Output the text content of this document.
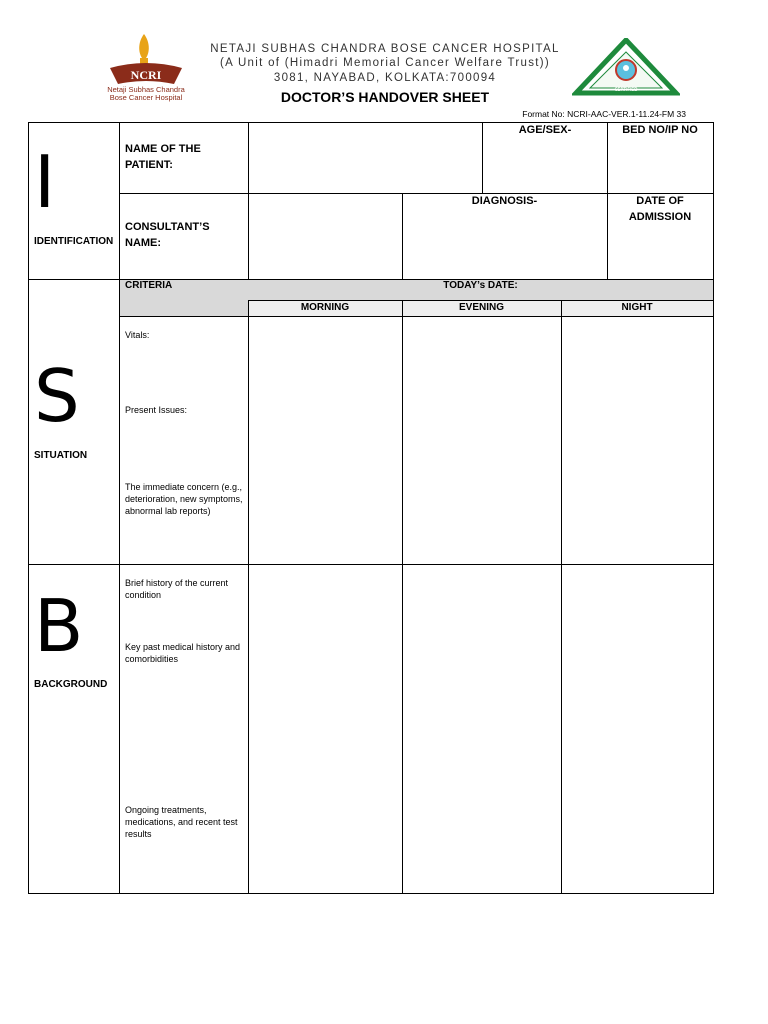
NCRI
Netaji Subhas Chandra
Bose Cancer Hospital
NETAJI SUBHAS CHANDRA BOSE CANCER HOSPITAL
(A Unit of (Himadri Memorial Cancer Welfare Trust))
3081, NAYABAD, KOLKATA:700094
DOCTOR’S HANDOVER SHEET	CERTIFIED
Format No: NCRI-AAC-VER.1-11.24-FM 33
I
IDENTIFICATION
NAME OF THE PATIENT:
AGE/SEX-	BED NO/IP NO
CONSULTANT’S NAME:
DIAGNOSIS-	DATE OF ADMISSION
S
SITUATION
CRITERIA	TODAY’s DATE:
MORNING	EVENING	NIGHT
Vitals:
Present Issues:
The immediate concern (e.g., deterioration, new symptoms, abnormal lab reports)
B
BACKGROUND
Brief history of the current condition
Key past medical history and comorbidities
Ongoing treatments, medications, and recent test results
